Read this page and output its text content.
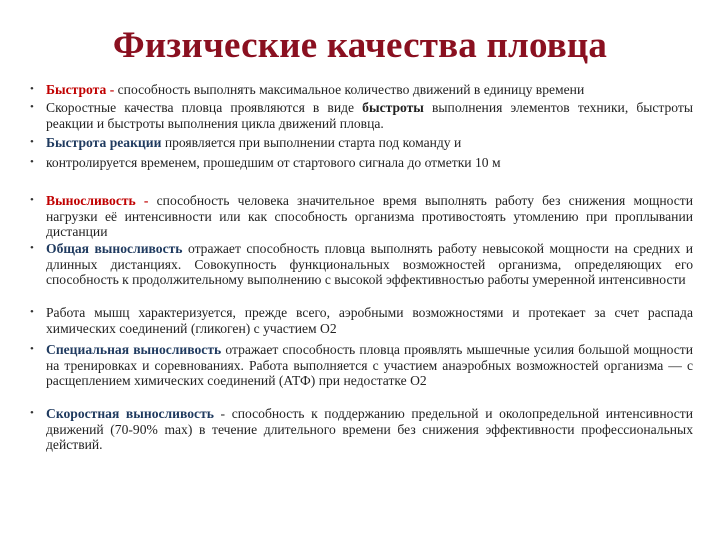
Физические качества пловца
• Быстрота - способность выполнять максимальное количество движений в единицу времени
• Скоростные качества пловца проявляются в виде быстроты выполнения элементов техники, быстроты реакции и быстроты выполнения цикла движений пловца.
• Быстрота реакции проявляется при выполнении старта под команду и
• контролируется временем, прошедшим от стартового сигнала до отметки 10 м
• Выносливость - способность человека значительное время выполнять работу без снижения мощности нагрузки её интенсивности или как способность организма противостоять утомлению при проплывании дистанции
• Общая выносливость отражает способность пловца выполнять работу невысокой мощности на средних и длинных дистанциях. Совокупность функциональных возможностей организма, определяющих его способность к продолжительному выполнению с высокой эффективностью работы умеренной интенсивности
• Работа мышц характеризуется, прежде всего, аэробными возможностями и протекает за счет распада химических соединений (гликоген) с участием О2
• Специальная выносливость отражает способность пловца проявлять мышечные усилия большой мощности на тренировках и соревнованиях. Работа выполняется с участием анаэробных возможностей организма — с расщеплением химических соединений (АТФ) при недостатке О2
• Скоростная выносливость - способность к поддержанию предельной и околопредельной интенсивности движений (70-90% max) в течение длительного времени без снижения эффективности профессиональных действий.
